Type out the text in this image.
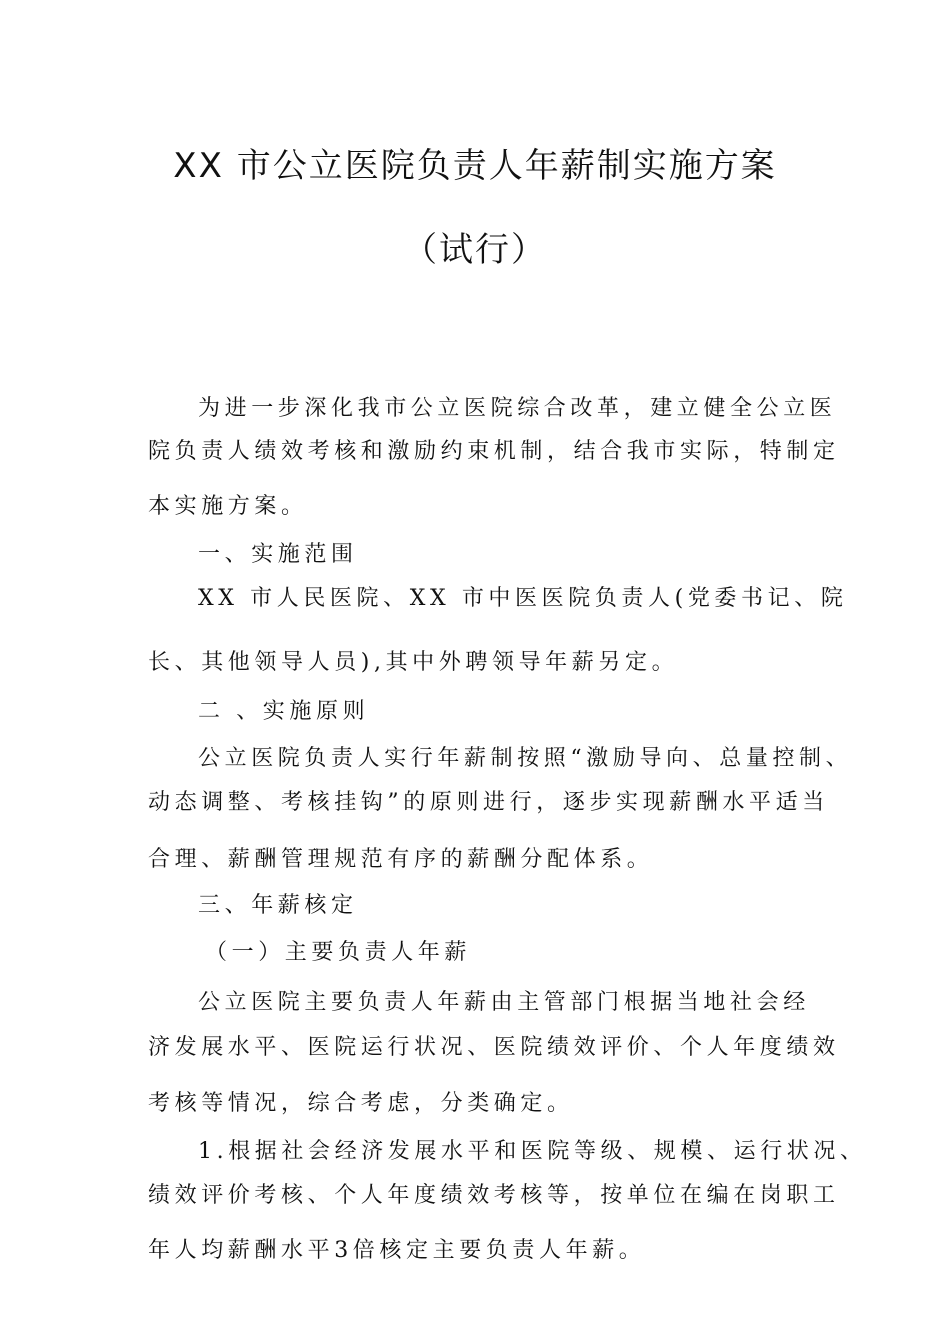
XX 市公立医院负责人年薪制实施方案
（试行）
为进一步深化我市公立医院综合改革，建立健全公立医
院负责人绩效考核和激励约束机制，结合我市实际，特制定
本实施方案。
一、实施范围
XX 市人民医院、XX 市中医医院负责人(党委书记、院
长、其他领导人员),其中外聘领导年薪另定。
二 、实施原则
公立医院负责人实行年薪制按照“激励导向、总量控制、
动态调整、考核挂钩”的原则进行，逐步实现薪酬水平适当
合理、薪酬管理规范有序的薪酬分配体系。
三、年薪核定
（一）主要负责人年薪
公立医院主要负责人年薪由主管部门根据当地社会经
济发展水平、医院运行状况、医院绩效评价、个人年度绩效
考核等情况，综合考虑，分类确定。
1.根据社会经济发展水平和医院等级、规模、运行状况、
绩效评价考核、个人年度绩效考核等，按单位在编在岗职工
年人均薪酬水平3倍核定主要负责人年薪。
